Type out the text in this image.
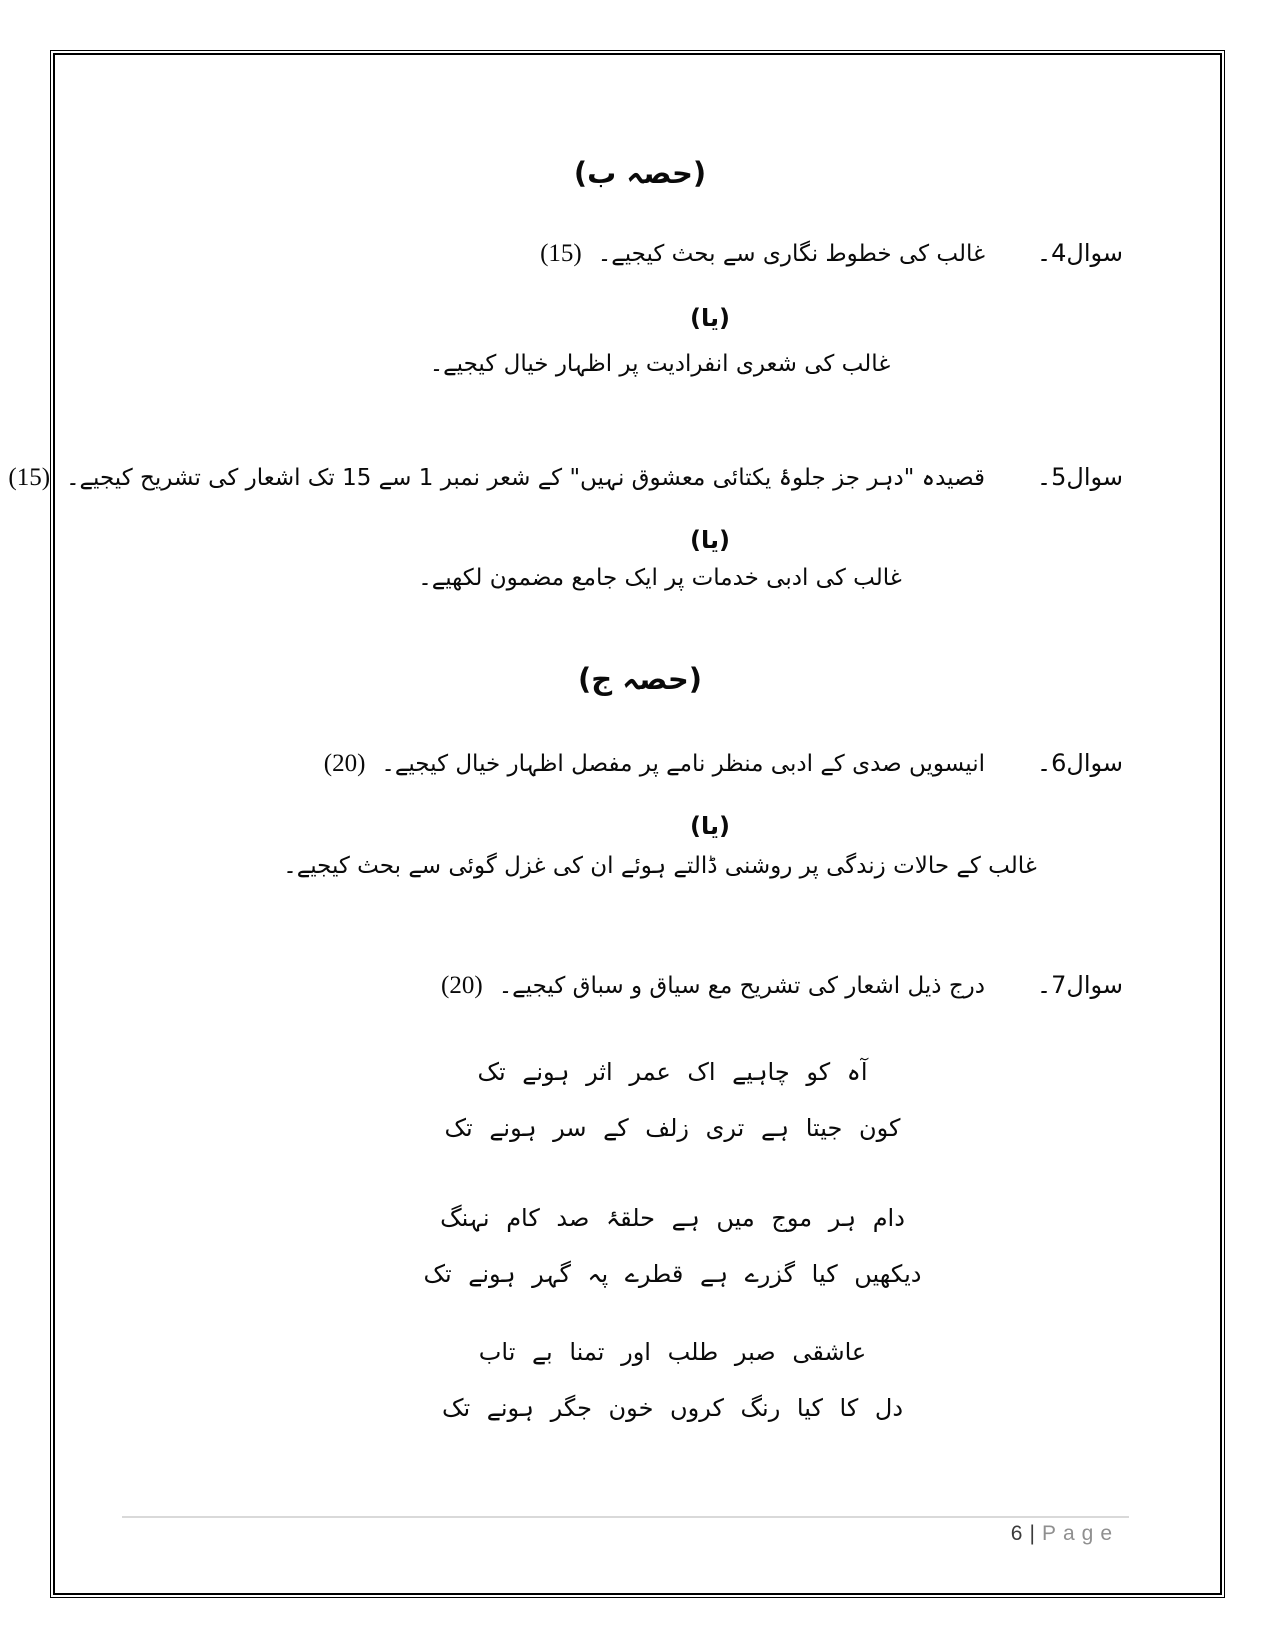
(حصہ ب)
سوال4۔
غالب کی خطوط نگاری سے بحث کیجیے۔
(15)
(یا)
غالب کی شعری انفرادیت پر اظہار خیال کیجیے۔
سوال5۔
قصیدہ "دہر جز جلوۂ یکتائی معشوق نہیں" کے شعر نمبر 1 سے 15 تک اشعار کی تشریح کیجیے۔
(15)
(یا)
غالب کی ادبی خدمات پر ایک جامع مضمون لکھیے۔
(حصہ ج)
سوال6۔
انیسویں صدی کے ادبی منظر نامے پر مفصل اظہار خیال کیجیے۔
(20)
(یا)
غالب کے حالات زندگی پر روشنی ڈالتے ہوئے ان کی غزل گوئی سے بحث کیجیے۔
سوال7۔
درج ذیل اشعار کی تشریح مع سیاق و سباق کیجیے۔
(20)
آہ کو چاہیے اک عمر اثر ہونے تک
کون جیتا ہے تری زلف کے سر ہونے تک
دام ہر موج میں ہے حلقۂ صد کام نہنگ
دیکھیں کیا گزرے ہے قطرے پہ گہر ہونے تک
عاشقی صبر طلب اور تمنا بے تاب
دل کا کیا رنگ کروں خون جگر ہونے تک
6 | Page
